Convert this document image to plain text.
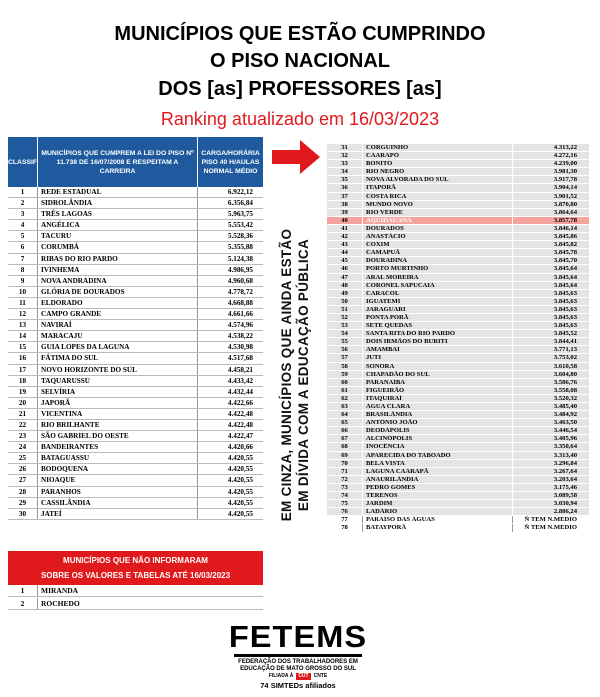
MUNICÍPIOS QUE ESTÃO CUMPRINDO
O PISO NACIONAL
DOS [as] PROFESSORES [as]
Ranking atualizado em 16/03/2023
CLASSIF
MUNICÍPIOS QUE CUMPREM A LEI DO PISO Nº 11.738 DE 16/07/2008 E RESPEITAM A CARREIRA
CARGA/HORÁRIA PISO 40 H/AULAS NORMAL MÉDIO
1	REDE ESTADUAL	6.922,12
2	SIDROLÂNDIA	6.356,84
3	TRÊS LAGOAS	5.963,75
4	ANGÉLICA	5.553,42
5	TACURU	5.528,36
6	CORUMBÁ	5.355,88
7	RIBAS DO RIO PARDO	5.124,38
8	IVINHEMA	4.986,95
9	NOVA ANDRADINA	4.960,68
10	GLÓRIA DE DOURADOS	4.778,72
11	ELDORADO	4.668,88
12	CAMPO GRANDE	4.661,66
13	NAVIRAÍ	4.574,96
14	MARACAJU	4.538,22
15	GUIA LOPES DA LAGUNA	4.530,98
16	FÁTIMA DO SUL	4.517,68
17	NOVO HORIZONTE DO SUL	4.458,21
18	TAQUARUSSU	4.433,42
19	SELVÍRIA	4.432,44
20	JAPORÃ	4.422,66
21	VICENTINA	4.422,48
22	RIO BRILHANTE	4.422,48
23	SÃO GABRIEL DO OESTE	4.422,47
24	BANDEIRANTES	4.420,66
25	BATAGUASSU	4.420,55
26	BODOQUENA	4.420,55
27	NIOAQUE	4.420,55
28	PARANHOS	4.420,55
29	CASSILÂNDIA	4.420,55
30	JATEÍ	4.420,55
MUNICÍPIOS QUE NÃO INFORMARAM
SOBRE OS VALORES E TABELAS ATÉ 16/03/2023
1	MIRANDA
2	ROCHEDO
EM CINZA, MUNICÍPIOS QUE AINDA ESTÃO EM DÍVIDA COM A EDUCAÇÃO PÚBLICA
31	CORGUINHO	4.313,22
32	CAARAPÓ	4.272,16
33	BONITO	4.239,00
34	RIO NEGRO	3.981,30
35	NOVA ALVORADA DO SUL	3.917,78
36	ITAPORÃ	3.904,14
37	COSTA RICA	3.901,52
38	MUNDO NOVO	3.870,80
39	RIO VERDE	3.864,64
40	AQUIDAUANA	3.857,78
41	DOURADOS	3.846,14
42	ANASTÁCIO	3.845,86
43	COXIM	3.845,82
44	CAMAPUÃ	3.845,78
45	DOURADINA	3.845,70
46	PORTO MURTINHO	3.845,64
47	ARAL MOREIRA	3.845,64
48	CORONEL SAPUCAIA	3.845,64
49	CARACOL	3.845,63
50	IGUATEMI	3.845,63
51	JARAGUARI	3.845,63
52	PONTA PORÃ	3.845,63
53	SETE QUEDAS	3.845,63
54	SANTA RITA DO RIO PARDO	3.845,52
55	DOIS IRMÃOS DO BURITI	3.844,41
56	AMAMBAI	3.771,13
57	JUTI	3.753,02
58	SONORA	3.610,58
59	CHAPADÃO DO SUL	3.604,80
60	PARANAÍBA	3.586,76
61	FIGUEIRÃO	3.558,08
62	ITAQUIRAÍ	3.520,32
63	ÁGUA CLARA	3.485,40
64	BRASILÂNDIA	3.484,92
65	ANTÔNIO JOÃO	3.463,50
66	DEODÁPOLIS	3.446,54
67	ALCINÓPOLIS	3.405,96
68	INOCÊNCIA	3.350,64
69	APARECIDA DO TABOADO	3.313,40
70	BELA VISTA	3.296,84
71	LAGUNA CAARAPÃ	3.267,64
72	ANAURILÂNDIA	3.203,64
73	PEDRO GOMES	3.175,46
74	TERENOS	3.089,58
75	JARDIM	3.030,94
76	LADÁRIO	2.886,24
77	PARAÍSO DAS ÁGUAS	Ñ TEM N.MÉDIO
78	BATAYPORÃ	Ñ TEM N.MÉDIO
FETEMS
FEDERAÇÃO DOS TRABALHADORES EM
EDUCAÇÃO DE MATO GROSSO DO SUL
FILIADA À	CUT	CNTE
74 SIMTEDs afiliados
